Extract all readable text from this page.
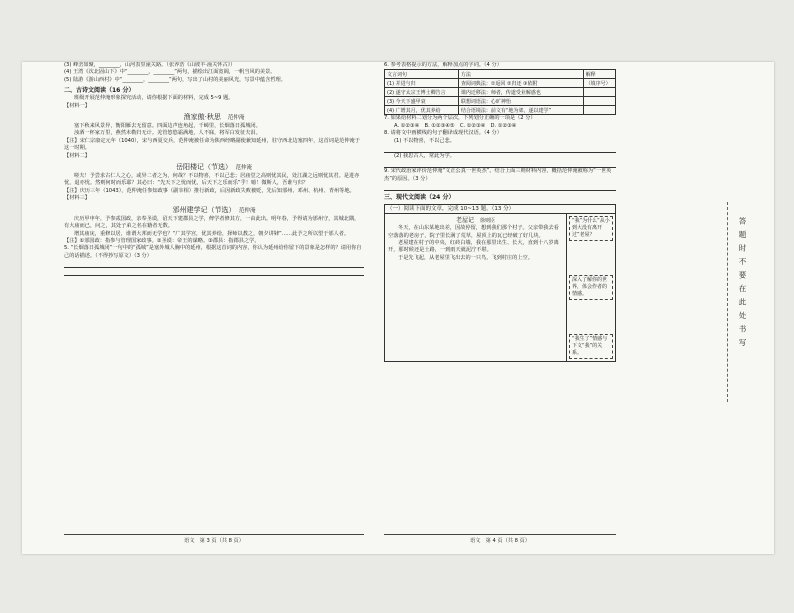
(3) 峰峦如聚，________，山河表里潼关路。（张养浩《山坡羊·潼关怀古》）

(4) 王湾《次北固山下》中“________，________”两句，描绘出江面宽阔，一帆当风的美景。

(5) 陆游《游山西村》中“________，________”两句，写出了山村的美丽风光，写景中蕴含哲理。

二、古诗文阅读（16 分）

班级开展范仲淹形象探究活动，请你根据下面的材料，完成 5~9 题。

【材料一】

渔家傲·秋思　 范仲淹

塞下秋来风景异，衡阳雁去无留意。四面边声连角起，千嶂里，长烟落日孤城闭。

浊酒一杯家万里，燕然未勒归无计。羌管悠悠霜满地，人不寐，将军白发征夫泪。

【注】宋仁宗康定元年（1040），宋与西夏交兵，范仲淹被任命为陕西经略副使兼知延州，驻守西北边塞四年，这首词是范仲淹于这一时期。

【材料二】

岳阳楼记（节选）　 范仲淹

嗟夫！予尝求古仁人之心，或异二者之为，何哉？不以物喜，不以己悲；居庙堂之高则忧其民，处江湖之远则忧其君。是进亦忧，退亦忧。然则何时而乐耶？其必曰：“先天下之忧而忧，后天下之乐而乐”乎！噫！微斯人，吾谁与归？

【注】庆历三年（1043），范仲淹任参知政事（副宰相）推行新政，后因新政失败被贬，先后知邠州、邓州、杭州、青州等地。

【材料三】

邠州建学记（节选）　 范仲淹

庆历甲申年，予参贰国政，亲奉圣谟，诏天下建郡县之学，俾学者修其方，一由此出。明年春，予得请为邠州守，其城北隅，有大庙而已，问之，其处子弟之名在籍者无数。

增其庙庑，重修以居，谁谓大邦而无学也？“广其学宫，优其养给，择师以教之，朝夕讲肄”……此予之所以望于邠人者。

【注】①邠国政：指参与管理国家政事。②圣谟：帝王的谋略。③郡县：指郡县之学。

5. “长烟落日孤城闭”一句中的“孤城”是塞外城人胸中的延州，根据这首词的内容，你认为延州给你留下的景象是怎样的？请用你自己的话描述。（不得抄写原文）（3 分）

语文　第 3 页（共 8 页）

6. 参考表格提示的方法，解释加点的字词。（4 分）

文言词句	方法	解释
(1) 并进与归	查阅词典法：①返回 ②归还 ③依附	（填序号）
(2) 遂守太宗王博士卿告言	课内迁移法：师者，传道受业解惑也	
(3) 今天下盛甲衰	联想词语法：心旷神怡	
(4) 广增其月，优其养给	结合语境法：前文有“地为郊，遂以建学”	

7. 如果给材料二划分为两个层次，下列划分正确的一项是（2 分）

A. ①②③④　B. ①②③④⑤　C. ①②③④　D. ①②③④

8. 请将文中画横线的句子翻译成现代汉语。（4 分）

(1) 不以物喜，不以己悲。

(2) 我思古人，常此为学。

9. 宋代政治家评价范仲淹“文正公真一世英杰”。结合上面三则材料内容，概括范仲淹被称为“一世英杰”的原因。（3 分）

三、现代文阅读（24 分）

（一）阅读下面的文章，完成 10~13 题。（13 分）

老屋记　 徐则臣

冬天，在山东某地出差，因故停留，想到我们那个村子。父亲带我去看空落落的老房子，院子里长满了荒草，屋顶上的瓦已经破了好几块。

老屋建在村子的中央，红砖白墙，我在那里出生、长大，直到十八岁离开，那时候还是土路，一到雨天就泥泞不堪。

于是先飞起，从老屋里飞出去的一只鸟，飞到村庄的上空。

“我”为什么“从小到大没有离开过”老屋？
深入了解你的世界，体会作者的情感。
“我生了”情感与下文“我”的关系。
语文　第 4 页（共 8 页）
答题时不要在此处书写
